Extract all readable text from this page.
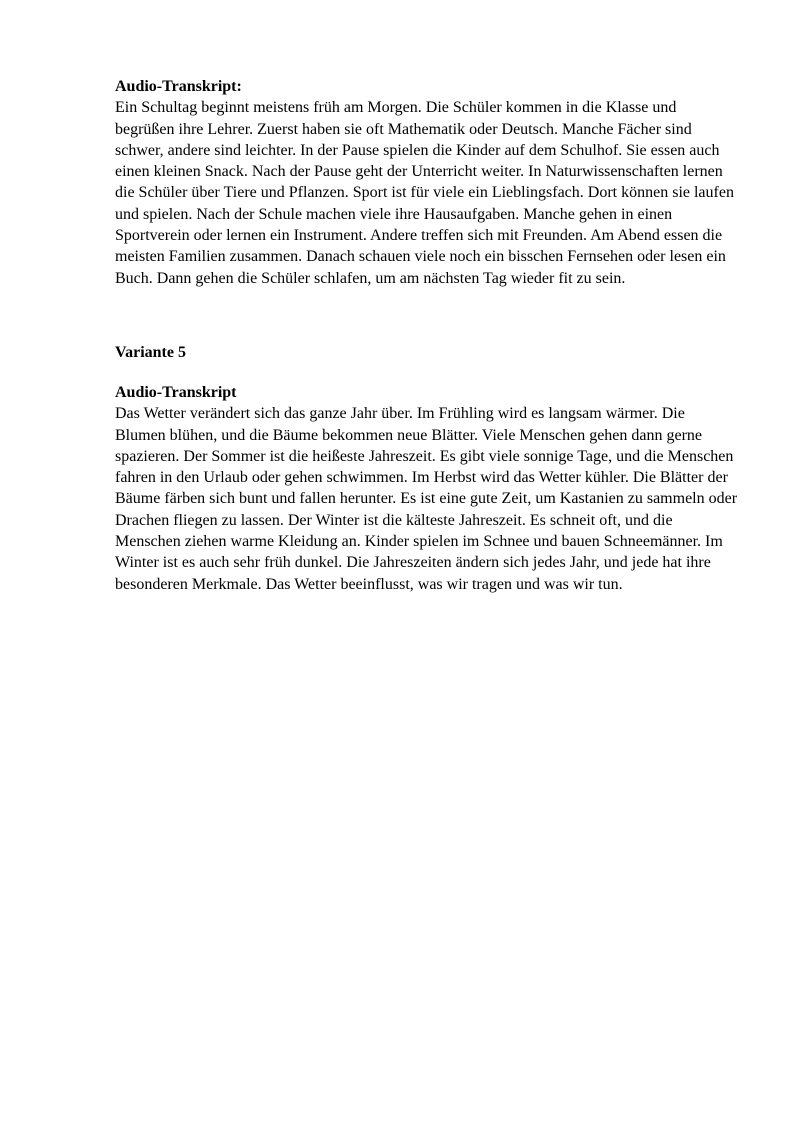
Audio-Transkript:

Ein Schultag beginnt meistens früh am Morgen. Die Schüler kommen in die Klasse und
begrüßen ihre Lehrer. Zuerst haben sie oft Mathematik oder Deutsch. Manche Fächer sind
schwer, andere sind leichter. In der Pause spielen die Kinder auf dem Schulhof. Sie essen auch
einen kleinen Snack. Nach der Pause geht der Unterricht weiter. In Naturwissenschaften lernen
die Schüler über Tiere und Pflanzen. Sport ist für viele ein Lieblingsfach. Dort können sie laufen
und spielen. Nach der Schule machen viele ihre Hausaufgaben. Manche gehen in einen
Sportverein oder lernen ein Instrument. Andere treffen sich mit Freunden. Am Abend essen die
meisten Familien zusammen. Danach schauen viele noch ein bisschen Fernsehen oder lesen ein
Buch. Dann gehen die Schüler schlafen, um am nächsten Tag wieder fit zu sein.

Variante 5

Audio-Transkript

Das Wetter verändert sich das ganze Jahr über. Im Frühling wird es langsam wärmer. Die
Blumen blühen, und die Bäume bekommen neue Blätter. Viele Menschen gehen dann gerne
spazieren. Der Sommer ist die heißeste Jahreszeit. Es gibt viele sonnige Tage, und die Menschen
fahren in den Urlaub oder gehen schwimmen. Im Herbst wird das Wetter kühler. Die Blätter der
Bäume färben sich bunt und fallen herunter. Es ist eine gute Zeit, um Kastanien zu sammeln oder
Drachen fliegen zu lassen. Der Winter ist die kälteste Jahreszeit. Es schneit oft, und die
Menschen ziehen warme Kleidung an. Kinder spielen im Schnee und bauen Schneemänner. Im
Winter ist es auch sehr früh dunkel. Die Jahreszeiten ändern sich jedes Jahr, und jede hat ihre
besonderen Merkmale. Das Wetter beeinflusst, was wir tragen und was wir tun.
